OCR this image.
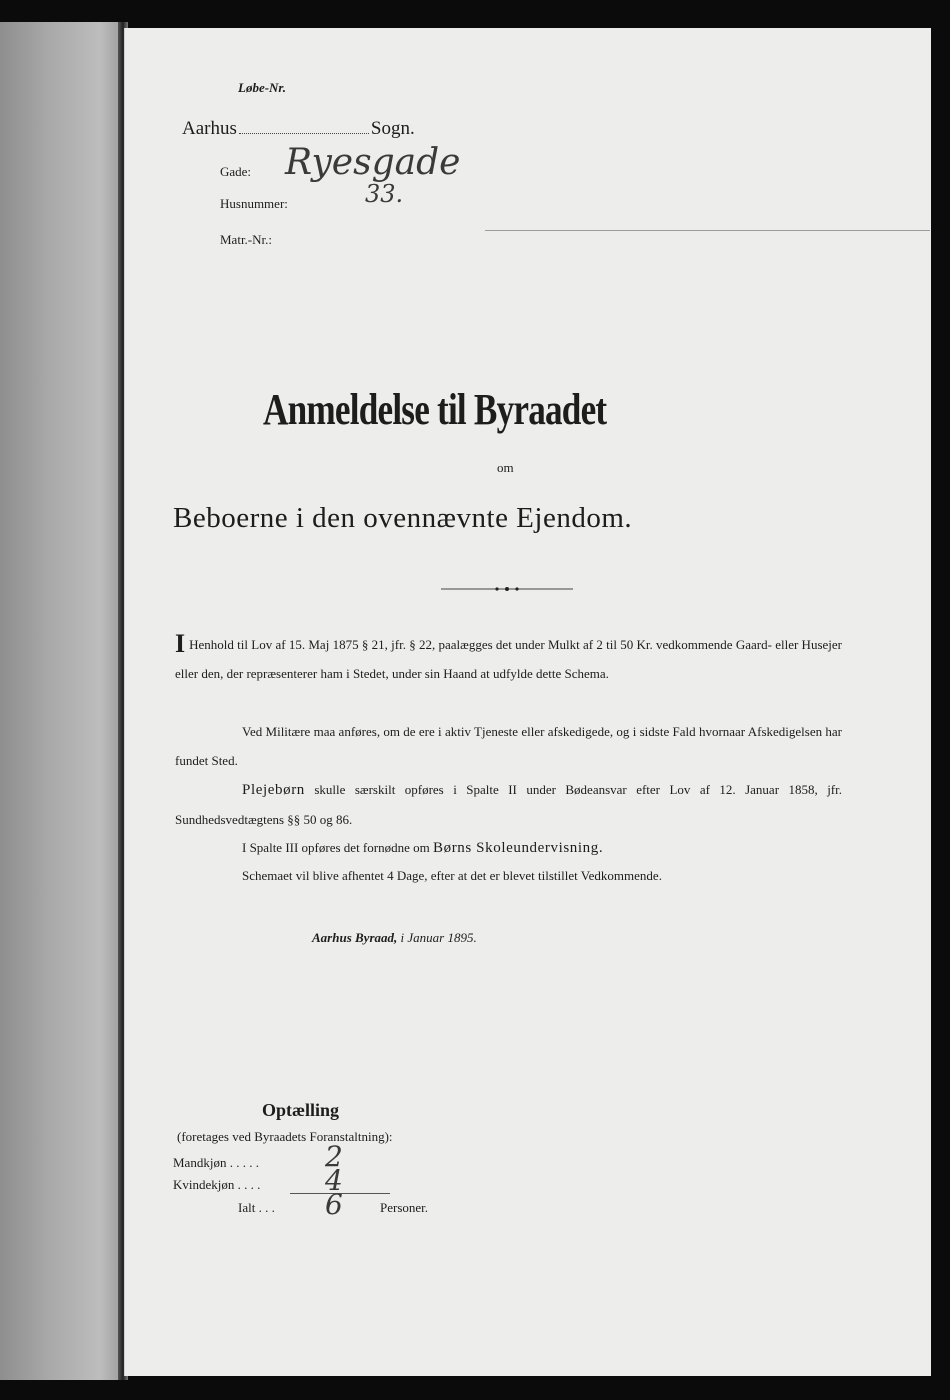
Løbe-Nr.
Aarhus	Sogn.
Gade: Ryesgade
Husnummer:	33.
Matr.-Nr.:
Anmeldelse til Byraadet
om
Beboerne i den ovennævnte Ejendom.
I Henhold til Lov af 15. Maj 1875 § 21, jfr. § 22, paalægges det under Mulkt af 2 til 50 Kr. vedkommende Gaard- eller Husejer eller den, der repræsenterer ham i Stedet, under sin Haand at udfylde dette Schema.
Ved Militære maa anføres, om de ere i aktiv Tjeneste eller afskedigede, og i sidste Fald hvornaar Afskedigelsen har fundet Sted.
Plejebørn skulle særskilt opføres i Spalte II under Bødeansvar efter Lov af 12. Januar 1858, jfr. Sundhedsvedtægtens §§ 50 og 86.
I Spalte III opføres det fornødne om Børns Skoleundervisning.
Schemaet vil blive afhentet 4 Dage, efter at det er blevet tilstillet Vedkommende.
Aarhus Byraad, i Januar 1895.
Optælling
(foretages ved Byraadets Foranstaltning):
Mandkjøn . . . . . 2
Kvindekjøn . . . . 4
Ialt . . . 6	Personer.
